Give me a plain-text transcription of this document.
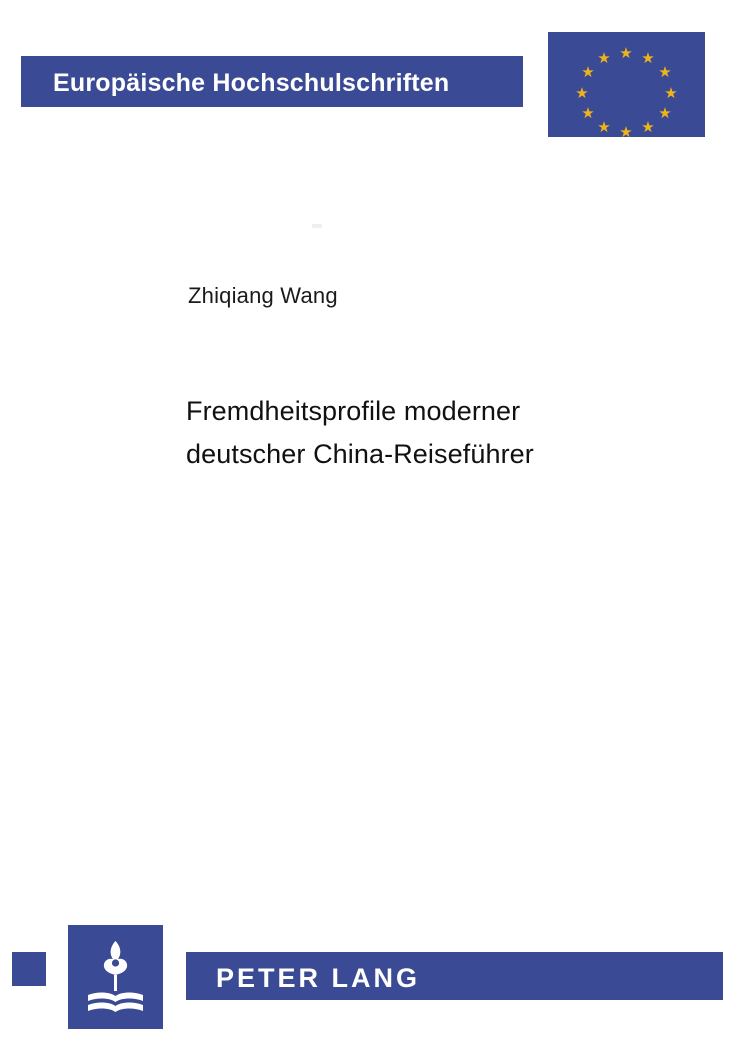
Europäische Hochschulschriften
★ ★
★
★
★
★
★
★
★
★
★
★
Zhiqiang Wang
Fremdheitsprofile moderner
deutscher China-Reiseführer
PETER LANG
